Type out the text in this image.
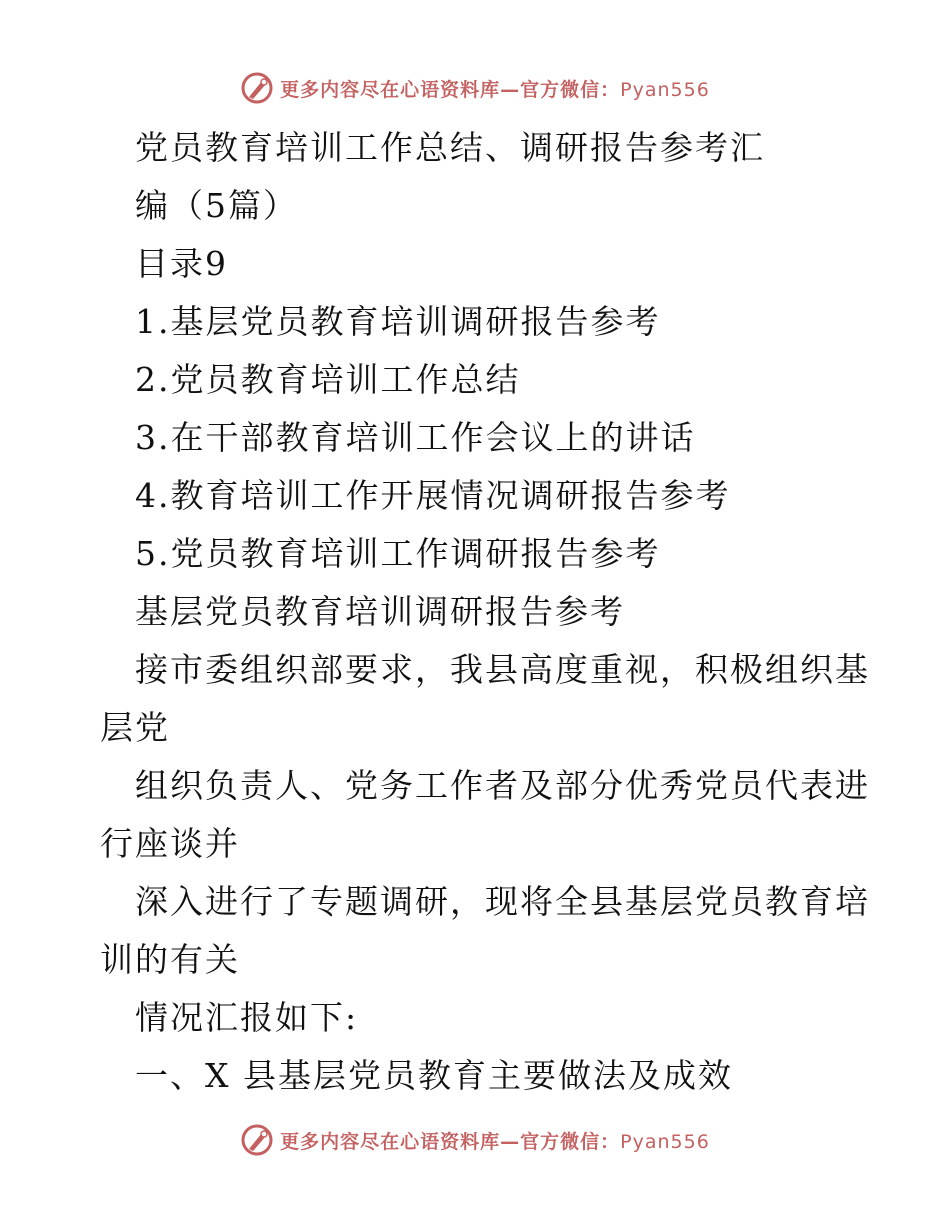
更多内容尽在心语资料库—官方微信：Pyan556
党员教育培训工作总结、调研报告参考汇
编（5篇）
目录9
1.基层党员教育培训调研报告参考
2.党员教育培训工作总结
3.在干部教育培训工作会议上的讲话
4.教育培训工作开展情况调研报告参考
5.党员教育培训工作调研报告参考
基层党员教育培训调研报告参考
接市委组织部要求，我县高度重视，积极组织基
层党
组织负责人、党务工作者及部分优秀党员代表进
行座谈并
深入进行了专题调研，现将全县基层党员教育培
训的有关
情况汇报如下:
一、X 县基层党员教育主要做法及成效
更多内容尽在心语资料库—官方微信：Pyan556
